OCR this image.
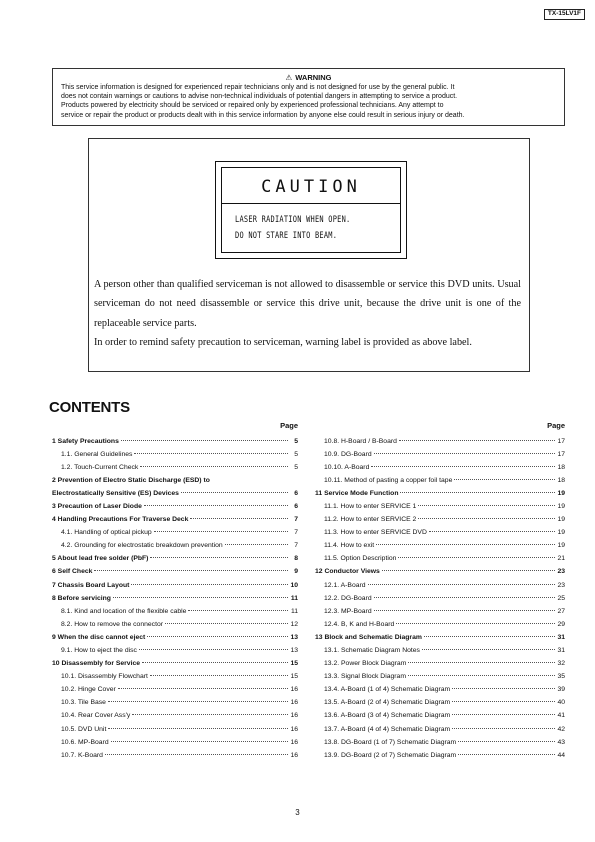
TX-15LV1F
⚠ WARNING
This service information is designed for experienced repair technicians only and is not designed for use by the general public. It
does not contain warnings or cautions to advise non-technical individuals of potential dangers in attempting to service a product.
Products powered by electricity should be serviced or repaired only by experienced professional technicians. Any attempt to
service or repair the product or products dealt with in this service information by anyone else could result in serious injury or death.
CAUTION
LASER RADIATION WHEN OPEN.
DO NOT STARE INTO BEAM.

A person other than qualified serviceman is not allowed to disassemble or service this DVD units. Usual serviceman do not need disassemble or service this drive unit, because the drive unit is one of the replaceable service parts.

In order to remind safety precaution to serviceman, warning label is provided as above label.

CONTENTS
Page
1 Safety Precautions	5
1.1. General Guidelines	5
1.2. Touch-Current Check	5
2 Prevention of Electro Static Discharge (ESD) to
Electrostatically Sensitive (ES) Devices	6
3 Precaution of Laser Diode	6
4 Handling Precautions For Traverse Deck	7
4.1. Handling of optical pickup	7
4.2. Grounding for electrostatic breakdown prevention	7
5 About lead free solder (PbF)	8
6 Self Check	9
7 Chassis Board Layout	10
8 Before servicing	11
8.1. Kind and location of the flexible cable	11
8.2. How to remove the connector	12
9 When the disc cannot eject	13
9.1. How to eject the disc	13
10 Disassembly for Service	15
10.1. Disassembly Flowchart	15
10.2. Hinge Cover	16
10.3. Tile Base	16
10.4. Rear Cover Ass'y	16
10.5. DVD Unit	16
10.6. MP-Board	16
10.7. K-Board	16
Page
10.8. H-Board / B-Board	17
10.9. DG-Board	17
10.10. A-Board	18
10.11. Method of pasting a copper foil tape	18
11 Service Mode Function	19
11.1. How to enter SERVICE 1	19
11.2. How to enter SERVICE 2	19
11.3. How to enter SERVICE DVD	19
11.4. How to exit	19
11.5. Option Description	21
12 Conductor Views	23
12.1. A-Board	23
12.2. DG-Board	25
12.3. MP-Board	27
12.4. B, K and H-Board	29
13 Block and Schematic Diagram	31
13.1. Schematic Diagram Notes	31
13.2. Power Block Diagram	32
13.3. Signal Block Diagram	35
13.4. A-Board (1 of 4) Schematic Diagram	39
13.5. A-Board (2 of 4) Schematic Diagram	40
13.6. A-Board (3 of 4) Schematic Diagram	41
13.7. A-Board (4 of 4) Schematic Diagram	42
13.8. DG-Board (1 of 7) Schematic Diagram	43
13.9. DG-Board (2 of 7) Schematic Diagram	44
3
